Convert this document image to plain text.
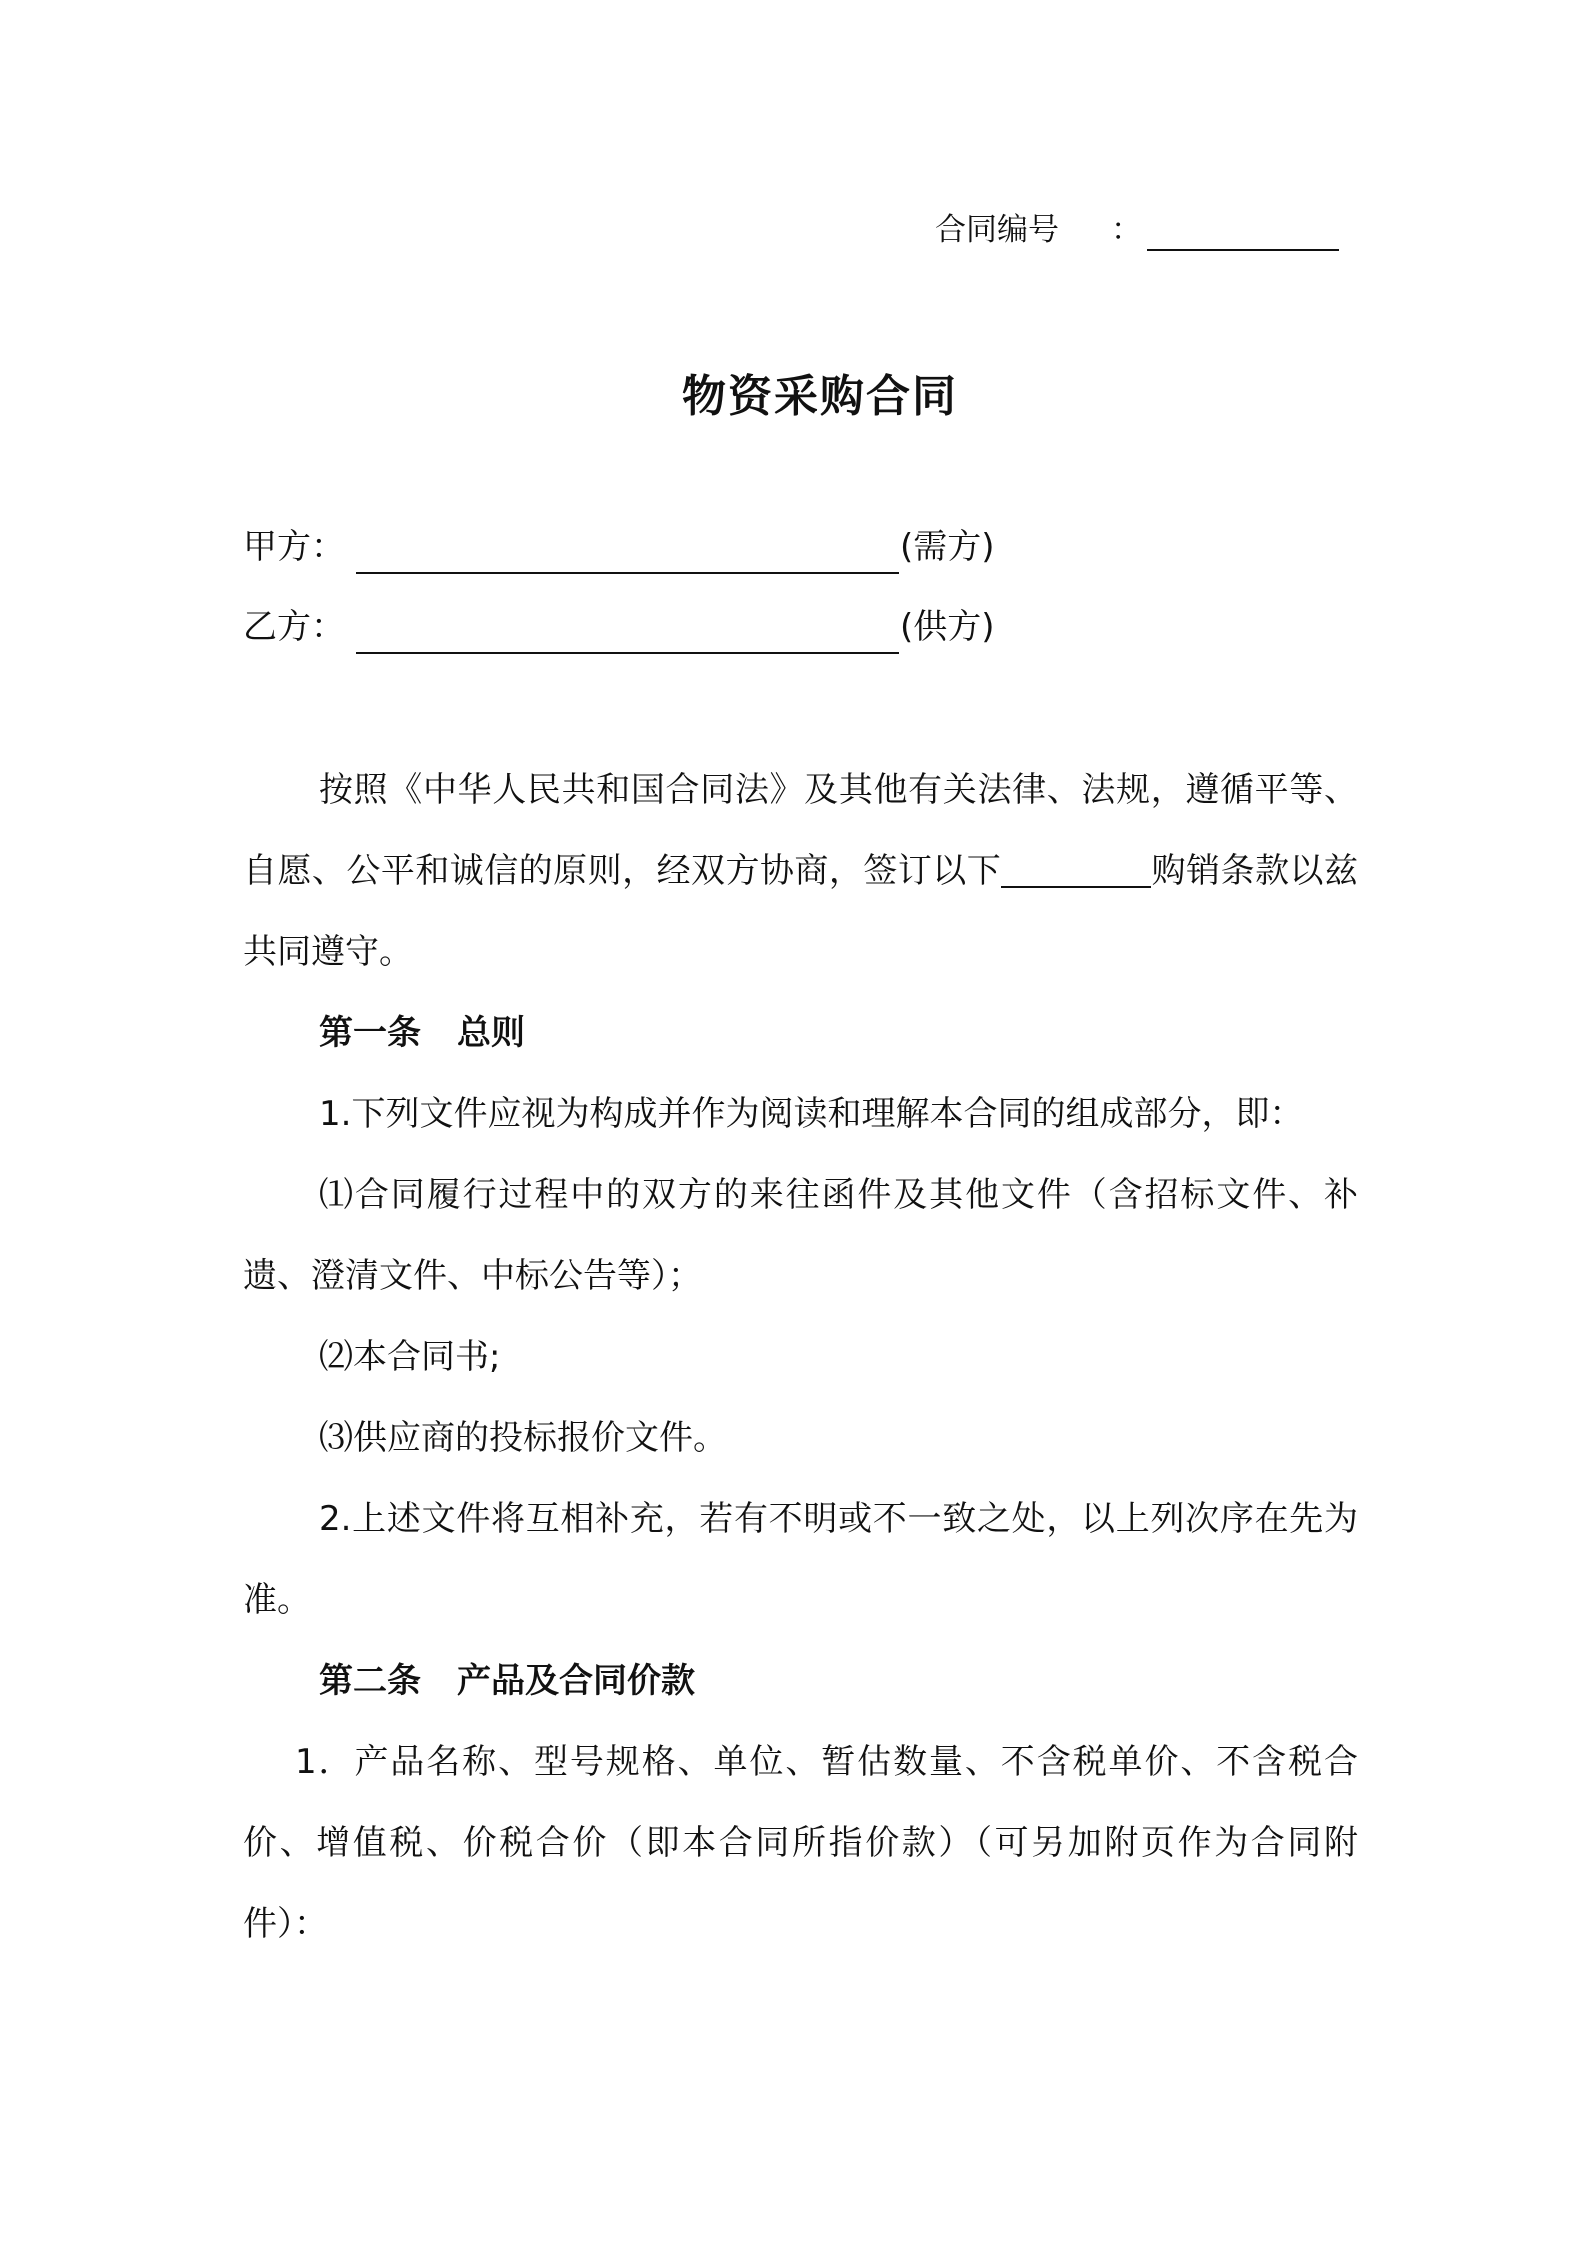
合同编号 ：
物资采购合同
甲方：	(需方)
乙方：	(供方)

按照《中华人民共和国合同法》及其他有关法律、法规，遵循平等、自愿、公平和诚信的原则，经双方协商，签订以下	购销条款以兹共同遵守。

第一条 总则

1.下列文件应视为构成并作为阅读和理解本合同的组成部分，即：

⑴合同履行过程中的双方的来往函件及其他文件（含招标文件、补遗、澄清文件、中标公告等）；

⑵本合同书;

⑶供应商的投标报价文件。

2.上述文件将互相补充，若有不明或不一致之处，以上列次序在先为准。

第二条 产品及合同价款

1．产品名称、型号规格、单位、暂估数量、不含税单价、不含税合价、增值税、价税合价（即本合同所指价款）（可另加附页作为合同附件）：
